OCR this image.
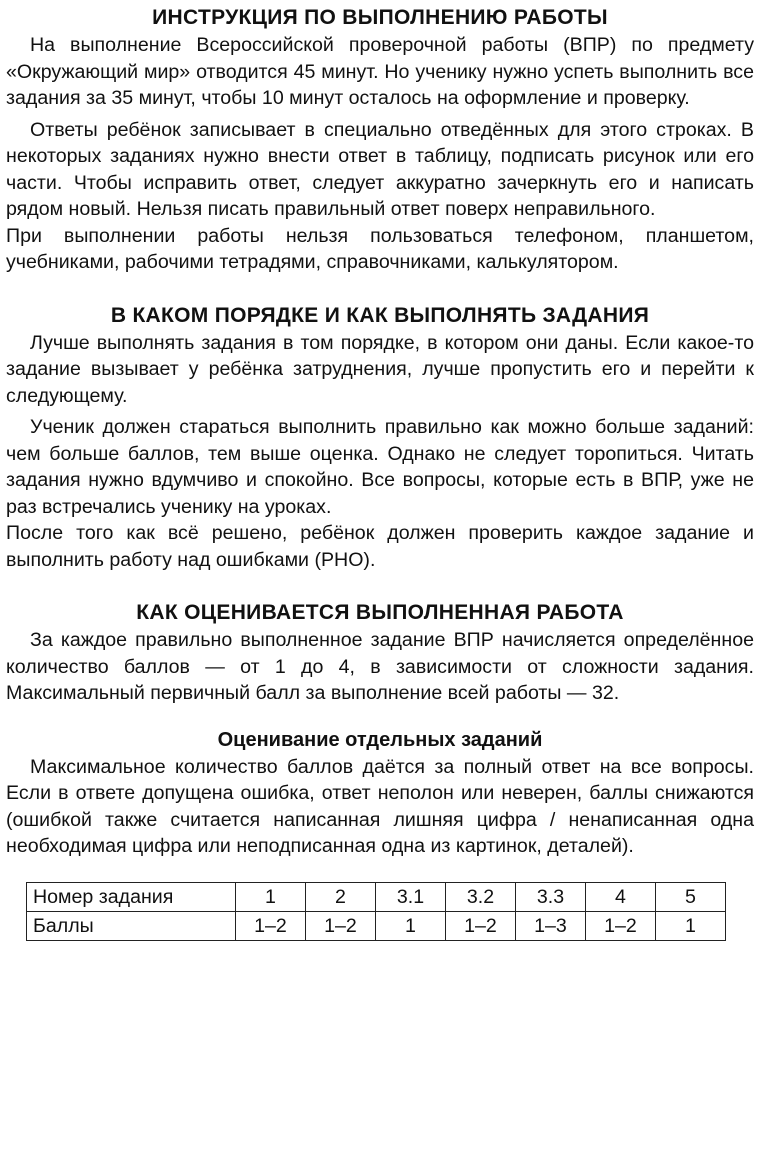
ИНСТРУКЦИЯ ПО ВЫПОЛНЕНИЮ РАБОТЫ

На выполнение Всероссийской проверочной работы (ВПР) по предмету «Окружающий мир» отводится 45 минут. Но ученику нужно успеть выполнить все задания за 35 минут, чтобы 10 минут осталось на оформление и проверку.

Ответы ребёнок записывает в специально отведённых для этого строках. В некоторых заданиях нужно внести ответ в таблицу, подписать рисунок или его части. Чтобы исправить ответ, следует аккуратно зачеркнуть его и написать рядом новый. Нельзя писать правильный ответ поверх неправильного.

При выполнении работы нельзя пользоваться телефоном, планшетом, учебниками, рабочими тетрадями, справочниками, калькулятором.

В КАКОМ ПОРЯДКЕ И КАК ВЫПОЛНЯТЬ ЗАДАНИЯ

Лучше выполнять задания в том порядке, в котором они даны. Если какое-то задание вызывает у ребёнка затруднения, лучше пропустить его и перейти к следующему.

Ученик должен стараться выполнить правильно как можно больше заданий: чем больше баллов, тем выше оценка. Однако не следует торопиться. Читать задания нужно вдумчиво и спокойно. Все вопросы, которые есть в ВПР, уже не раз встречались ученику на уроках.

После того как всё решено, ребёнок должен проверить каждое задание и выполнить работу над ошибками (РНО).

КАК ОЦЕНИВАЕТСЯ ВЫПОЛНЕННАЯ РАБОТА

За каждое правильно выполненное задание ВПР начисляется определённое количество баллов — от 1 до 4, в зависимости от сложности задания. Максимальный первичный балл за выполнение всей работы — 32.

Оценивание отдельных заданий

Максимальное количество баллов даётся за полный ответ на все вопросы. Если в ответе допущена ошибка, ответ неполон или неверен, баллы снижаются (ошибкой также считается написанная лишняя цифра / ненаписанная одна необходимая цифра или неподписанная одна из картинок, деталей).

Номер задания	1	2	3.1	3.2	3.3	4	5
Баллы	1–2	1–2	1	1–2	1–3	1–2	1
